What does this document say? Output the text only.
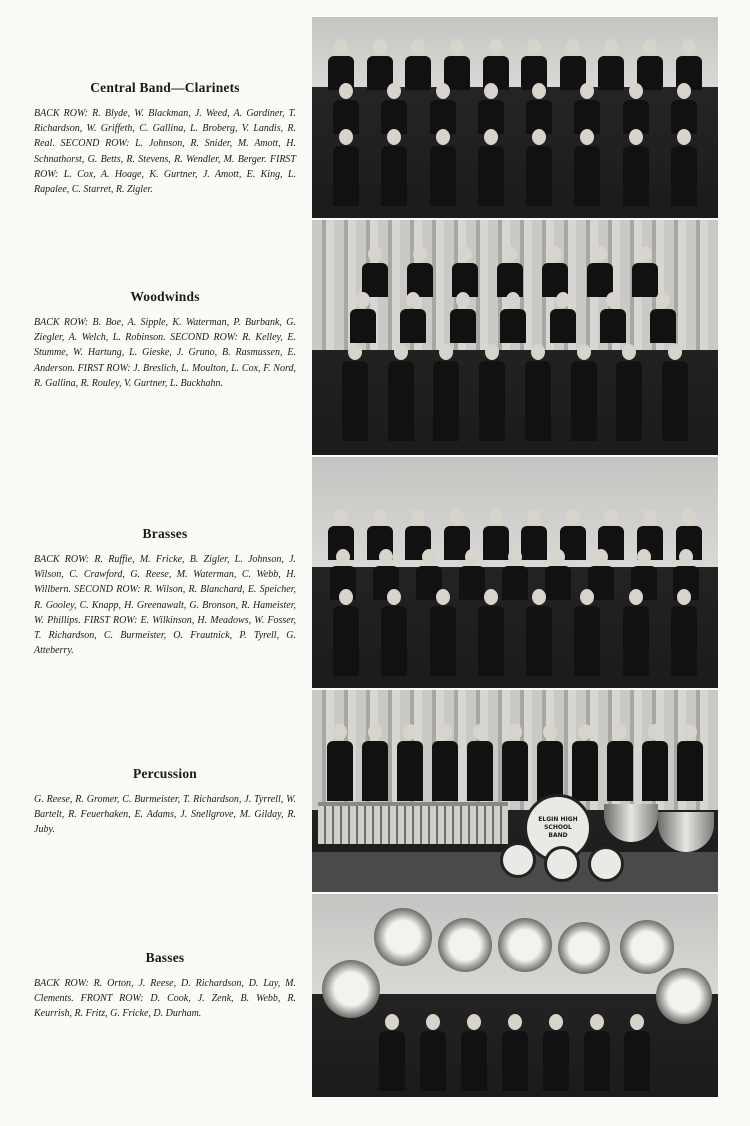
Central Band—Clarinets

BACK ROW: R. Blyde, W. Blackman, J. Weed, A. Gardiner, T. Richardson, W. Griffeth, C. Gallina, L. Broberg, V. Landis, R. Real. SECOND ROW: L. Johnson, R. Snider, M. Amott, H. Schnathorst, G. Betts, R. Stevens, R. Wendler, M. Berger. FIRST ROW: L. Cox, A. Hoage, K. Gurtner, J. Amott, E. King, L. Rapalee, C. Starret, R. Zigler.

Woodwinds

BACK ROW: B. Boe, A. Sipple, K. Waterman, P. Burbank, G. Ziegler, A. Welch, L. Robinson. SECOND ROW: R. Kelley, E. Stumme, W. Hartung, L. Gieske, J. Gruno, B. Rasmussen, E. Anderson. FIRST ROW: J. Breslich, L. Moulton, L. Cox, F. Nord, R. Gallina, R. Rouley, V. Gurtner, L. Buckhahn.

Brasses

BACK ROW: R. Ruffie, M. Fricke, B. Zigler, L. Johnson, J. Wilson, C. Crawford, G. Reese, M. Waterman, C. Webb, H. Willbern. SECOND ROW: R. Wilson, R. Blanchard, E. Speicher, R. Gooley, C. Knapp, H. Greenawalt, G. Bronson, R. Hameister, W. Phillips. FIRST ROW: E. Wilkinson, H. Meadows, W. Fosser, T. Richardson, C. Burmeister, O. Frautnick, P. Tyrell, G. Atteberry.

Percussion

G. Reese, R. Gromer, C. Burmeister, T. Richardson, J. Tyrrell, W. Bartelt, R. Feuerhaken, E. Adams, J. Snellgrove, M. Gilday, R. Juby.

ELGIN HIGH SCHOOL BAND
Basses

BACK ROW: R. Orton, J. Reese, D. Richardson, D. Lay, M. Clements. FRONT ROW: D. Cook, J. Zenk, B. Webb, R. Keurrish, R. Fritz, G. Fricke, D. Durham.
